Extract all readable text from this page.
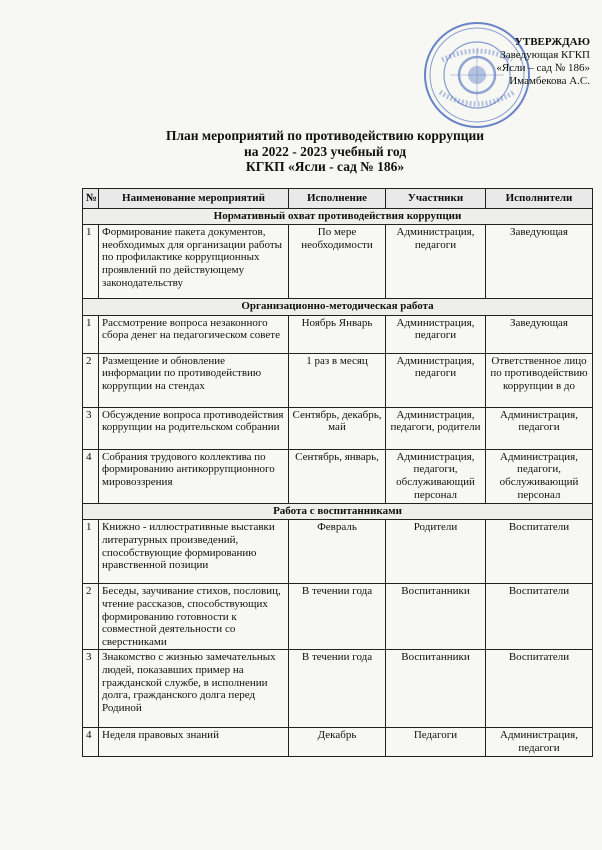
УТВЕРЖДАЮ
Заведующая КГКП
«Ясли – сад № 186»
Имамбекова А.С.
План мероприятий по противодействию коррупции
на 2022 - 2023 учебный год
КГКП «Ясли - сад № 186»
№	Наименование мероприятий	Исполнение	Участники	Исполнители
Нормативный охват противодействия коррупции				
1	Формирование пакета документов, необходимых для организации работы по профилактике коррупционных проявлений по действующему законодательству	По мере необходимости	Администрация, педагоги	Заведующая
Организационно-методическая работа				
1	Рассмотрение вопроса незаконного сбора денег на педагогическом совете	Ноябрь Январь	Администрация, педагоги	Заведующая
2	Размещение и обновление информации по противодействию коррупции на стендах	1 раз в месяц	Администрация, педагоги	Ответственное лицо по противодействию коррупции в до
3	Обсуждение вопроса противодействия коррупции на родительском собрании	Сентябрь, декабрь, май	Администрация, педагоги, родители	Администрация, педагоги
4	Собрания трудового коллектива по формированию антикоррупционного мировоззрения	Сентябрь, январь,	Администрация, педагоги, обслуживающий персонал	Администрация, педагоги, обслуживающий персонал
Работа с воспитанниками				
1	Книжно - иллюстративные выставки литературных произведений, способствующие формированию нравственной позиции	Февраль	Родители	Воспитатели
2	Беседы, заучивание стихов, пословиц, чтение рассказов, способствующих формированию готовности к совместной деятельности со сверстниками	В течении года	Воспитанники	Воспитатели
3	Знакомство с жизнью замечательных людей, показавших пример на гражданской службе, в исполнении долга, гражданского долга перед Родиной	В течении года	Воспитанники	Воспитатели
4	Неделя правовых знаний	Декабрь	Педагоги	Администрация, педагоги
